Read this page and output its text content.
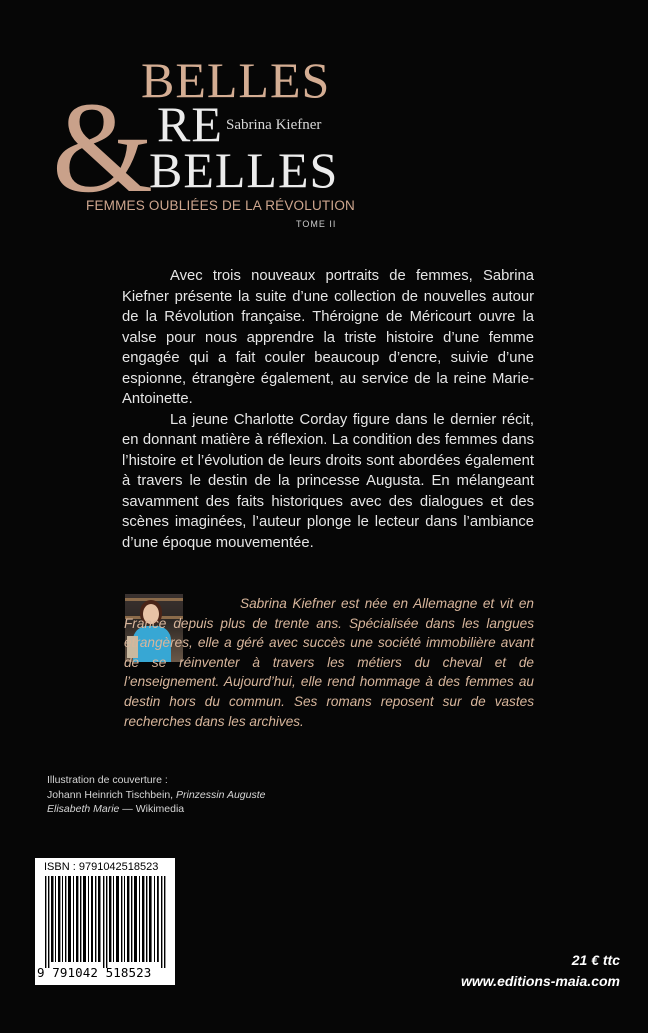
&
BELLES
RE
BELLES
Sabrina Kiefner
FEMMES OUBLIÉES DE LA RÉVOLUTION
TOME II

Avec trois nouveaux portraits de femmes, Sabrina Kiefner présente la suite d’une collection de nouvelles autour de la Révolution française. Théroigne de Méricourt ouvre la valse pour nous apprendre la triste histoire d’une femme engagée qui a fait couler beaucoup d’encre, suivie d’une espionne, étrangère également, au service de la reine Marie-Antoinette.

La jeune Charlotte Corday figure dans le dernier récit, en donnant matière à réflexion. La condition des femmes dans l’histoire et l’évolution de leurs droits sont abordées également à travers le destin de la princesse Augusta. En mélangeant savamment des faits historiques avec des dialogues et des scènes imaginées, l’auteur plonge le lecteur dans l’ambiance d’une époque mouvementée.

Sabrina Kiefner est née en Allemagne et vit en France depuis plus de trente ans. Spécialisée dans les langues étrangères, elle a géré avec succès une société immobilière avant de se réinventer à travers les métiers du cheval et de l’enseignement. Aujourd’hui, elle rend hommage à des femmes au destin hors du commun. Ses romans reposent sur de vastes recherches dans les archives.
Illustration de couverture :
Johann Heinrich Tischbein, Prinzessin Auguste
Elisabeth Marie — Wikimedia
ISBN : 9791042518523
9 791042 518523
21 € ttc
www.editions-maia.com
